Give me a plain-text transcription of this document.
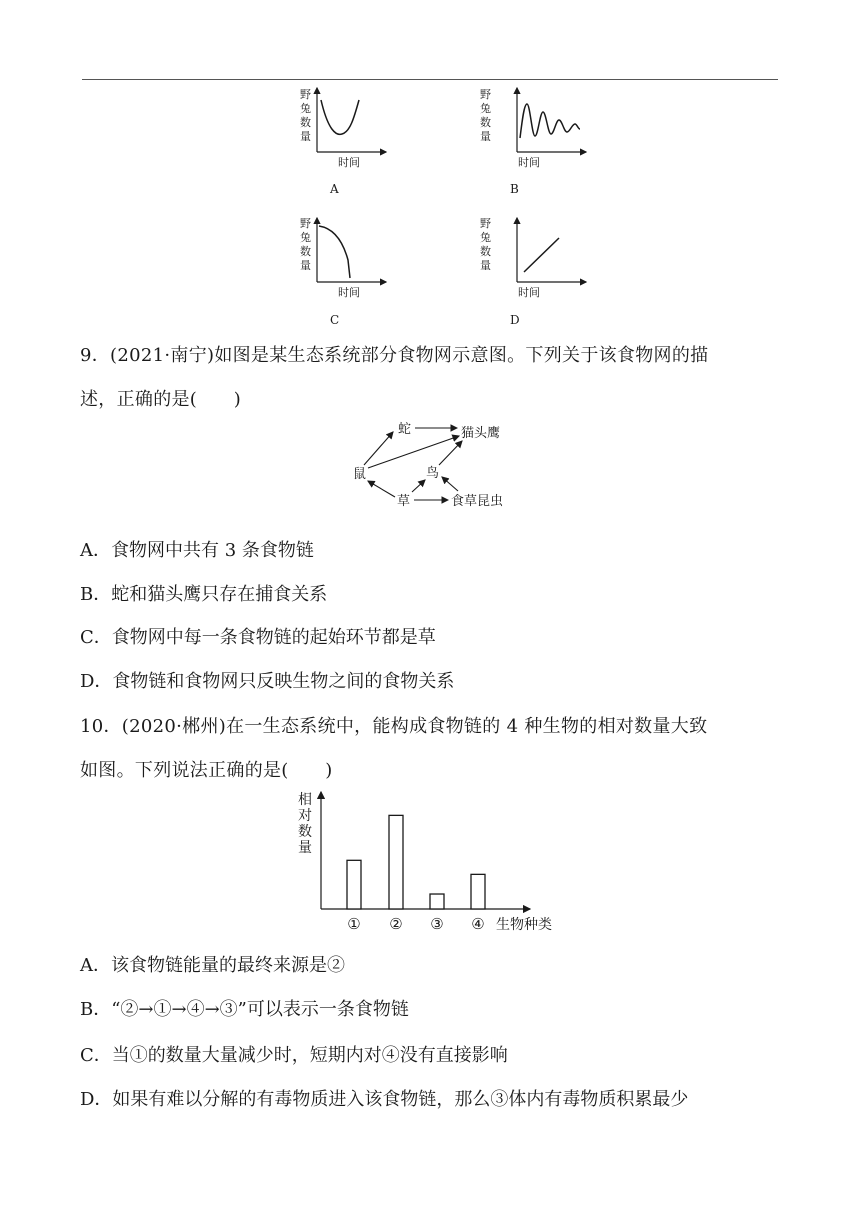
野
兔
数
量
时间
A
野
兔
数
量
时间
B
野
兔
数
量
时间
C
野
兔
数
量
时间
D
9．(2021·南宁)如图是某生态系统部分食物网示意图。下列关于该食物网的描
述，正确的是(　　)
蛇	猫头鹰
鼠	鸟
草	食草昆虫
A．食物网中共有 3 条食物链
B．蛇和猫头鹰只存在捕食关系
C．食物网中每一条食物链的起始环节都是草
D．食物链和食物网只反映生物之间的食物关系
10．(2020·郴州)在一生态系统中，能构成食物链的 4 种生物的相对数量大致
如图。下列说法正确的是(　　)
相
对
数
量
① ② ③ ④ 生物种类
A．该食物链能量的最终来源是②
B．“②→①→④→③”可以表示一条食物链
C．当①的数量大量减少时，短期内对④没有直接影响
D．如果有难以分解的有毒物质进入该食物链，那么③体内有毒物质积累最少
